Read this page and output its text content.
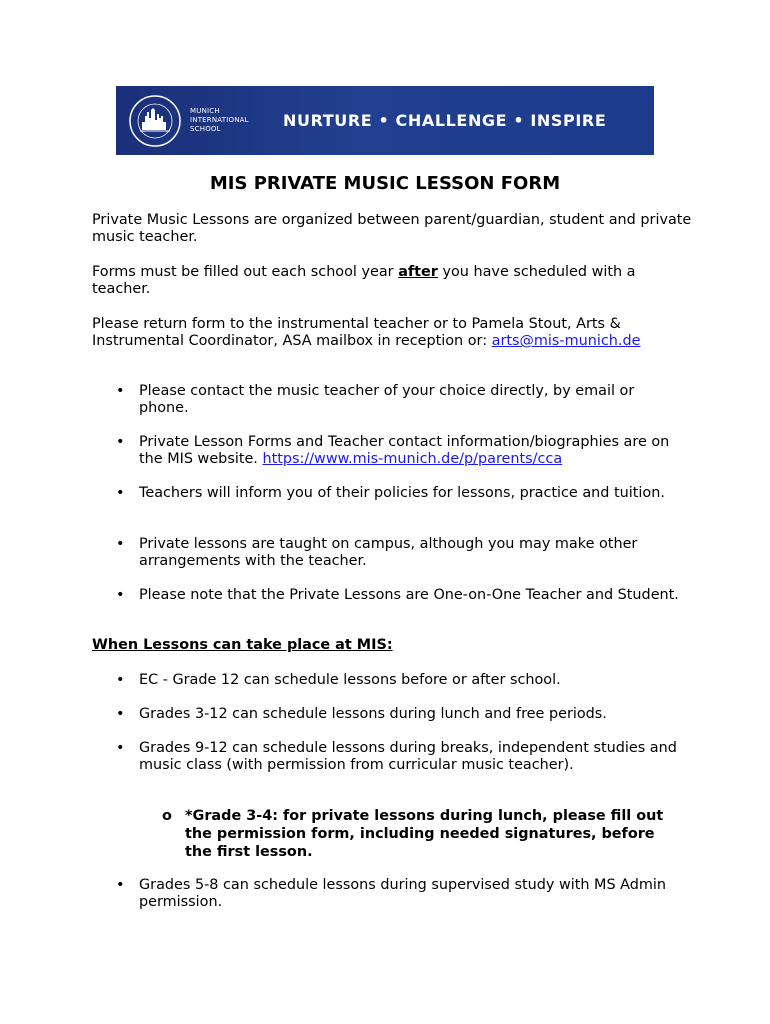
MUNICH
INTERNATIONAL
SCHOOL	NURTURE • CHALLENGE • INSPIRE
MIS PRIVATE MUSIC LESSON FORM
Private Music Lessons are organized between parent/guardian, student and private music teacher.
Forms must be filled out each school year after you have scheduled with a teacher.
Please return form to the instrumental teacher or to Pamela Stout, Arts & Instrumental Coordinator, ASA mailbox in reception or: arts@mis-munich.de
• Please contact the music teacher of your choice directly, by email or phone.
• Private Lesson Forms and Teacher contact information/biographies are on the MIS website. https://www.mis-munich.de/p/parents/cca
• Teachers will inform you of their policies for lessons, practice and tuition.
• Private lessons are taught on campus, although you may make other arrangements with the teacher.
• Please note that the Private Lessons are One-on-One Teacher and Student.
When Lessons can take place at MIS:
• EC - Grade 12 can schedule lessons before or after school.
• Grades 3-12 can schedule lessons during lunch and free periods.
• Grades 9-12 can schedule lessons during breaks, independent studies and music class (with permission from curricular music teacher).
o *Grade 3-4: for private lessons during lunch, please fill out the permission form, including needed signatures, before the first lesson.
• Grades 5-8 can schedule lessons during supervised study with MS Admin permission.
